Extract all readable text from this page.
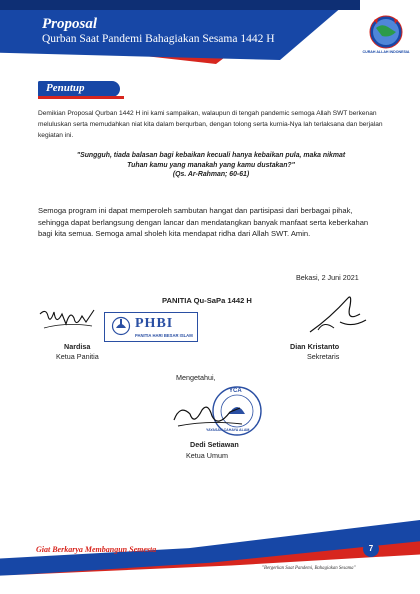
Proposal
Qurban Saat Pandemi Bahagiakan Sesama 1442 H
CURAH ALLAH INDONESIA
Penutup
Demikian Proposal Qurban 1442 H ini kami sampaikan, walaupun di tengah pandemic semoga Allah SWT berkenan meluluskan serta memudahkan niat kita dalam berqurban, dengan tolong serta kurnia-Nya lah terlaksana dan berjalan kegiatan ini.
"Sungguh, tiada balasan bagi kebaikan kecuali hanya kebaikan pula, maka nikmat
Tuhan kamu yang manakah yang kamu dustakan?"
(Qs. Ar-Rahman; 60-61)
Semoga program ini dapat memperoleh sambutan hangat dan partisipasi dari berbagai pihak, sehingga dapat berlangsung dengan lancar dan mendatangkan banyak manfaat serta keberkahan bagi kita semua. Semoga amal sholeh kita mendapat ridha dari Allah SWT. Amin.
Bekasi, 2 Juni 2021
PANITIA Qu-SaPa 1442 H
PHBI
PANITIA HARI BESAR ISLAM
Nardisa
Ketua Panitia
Dian Kristanto
Sekretaris
Mengetahui,
YCA
YAYASAN CAHAYA ALAM
Dedi Setiawan
Ketua Umum
Giat Berkarya Membangun Semesta	7
"Bergerkan Saat Pandemi, Bahagiakan Sesama"
